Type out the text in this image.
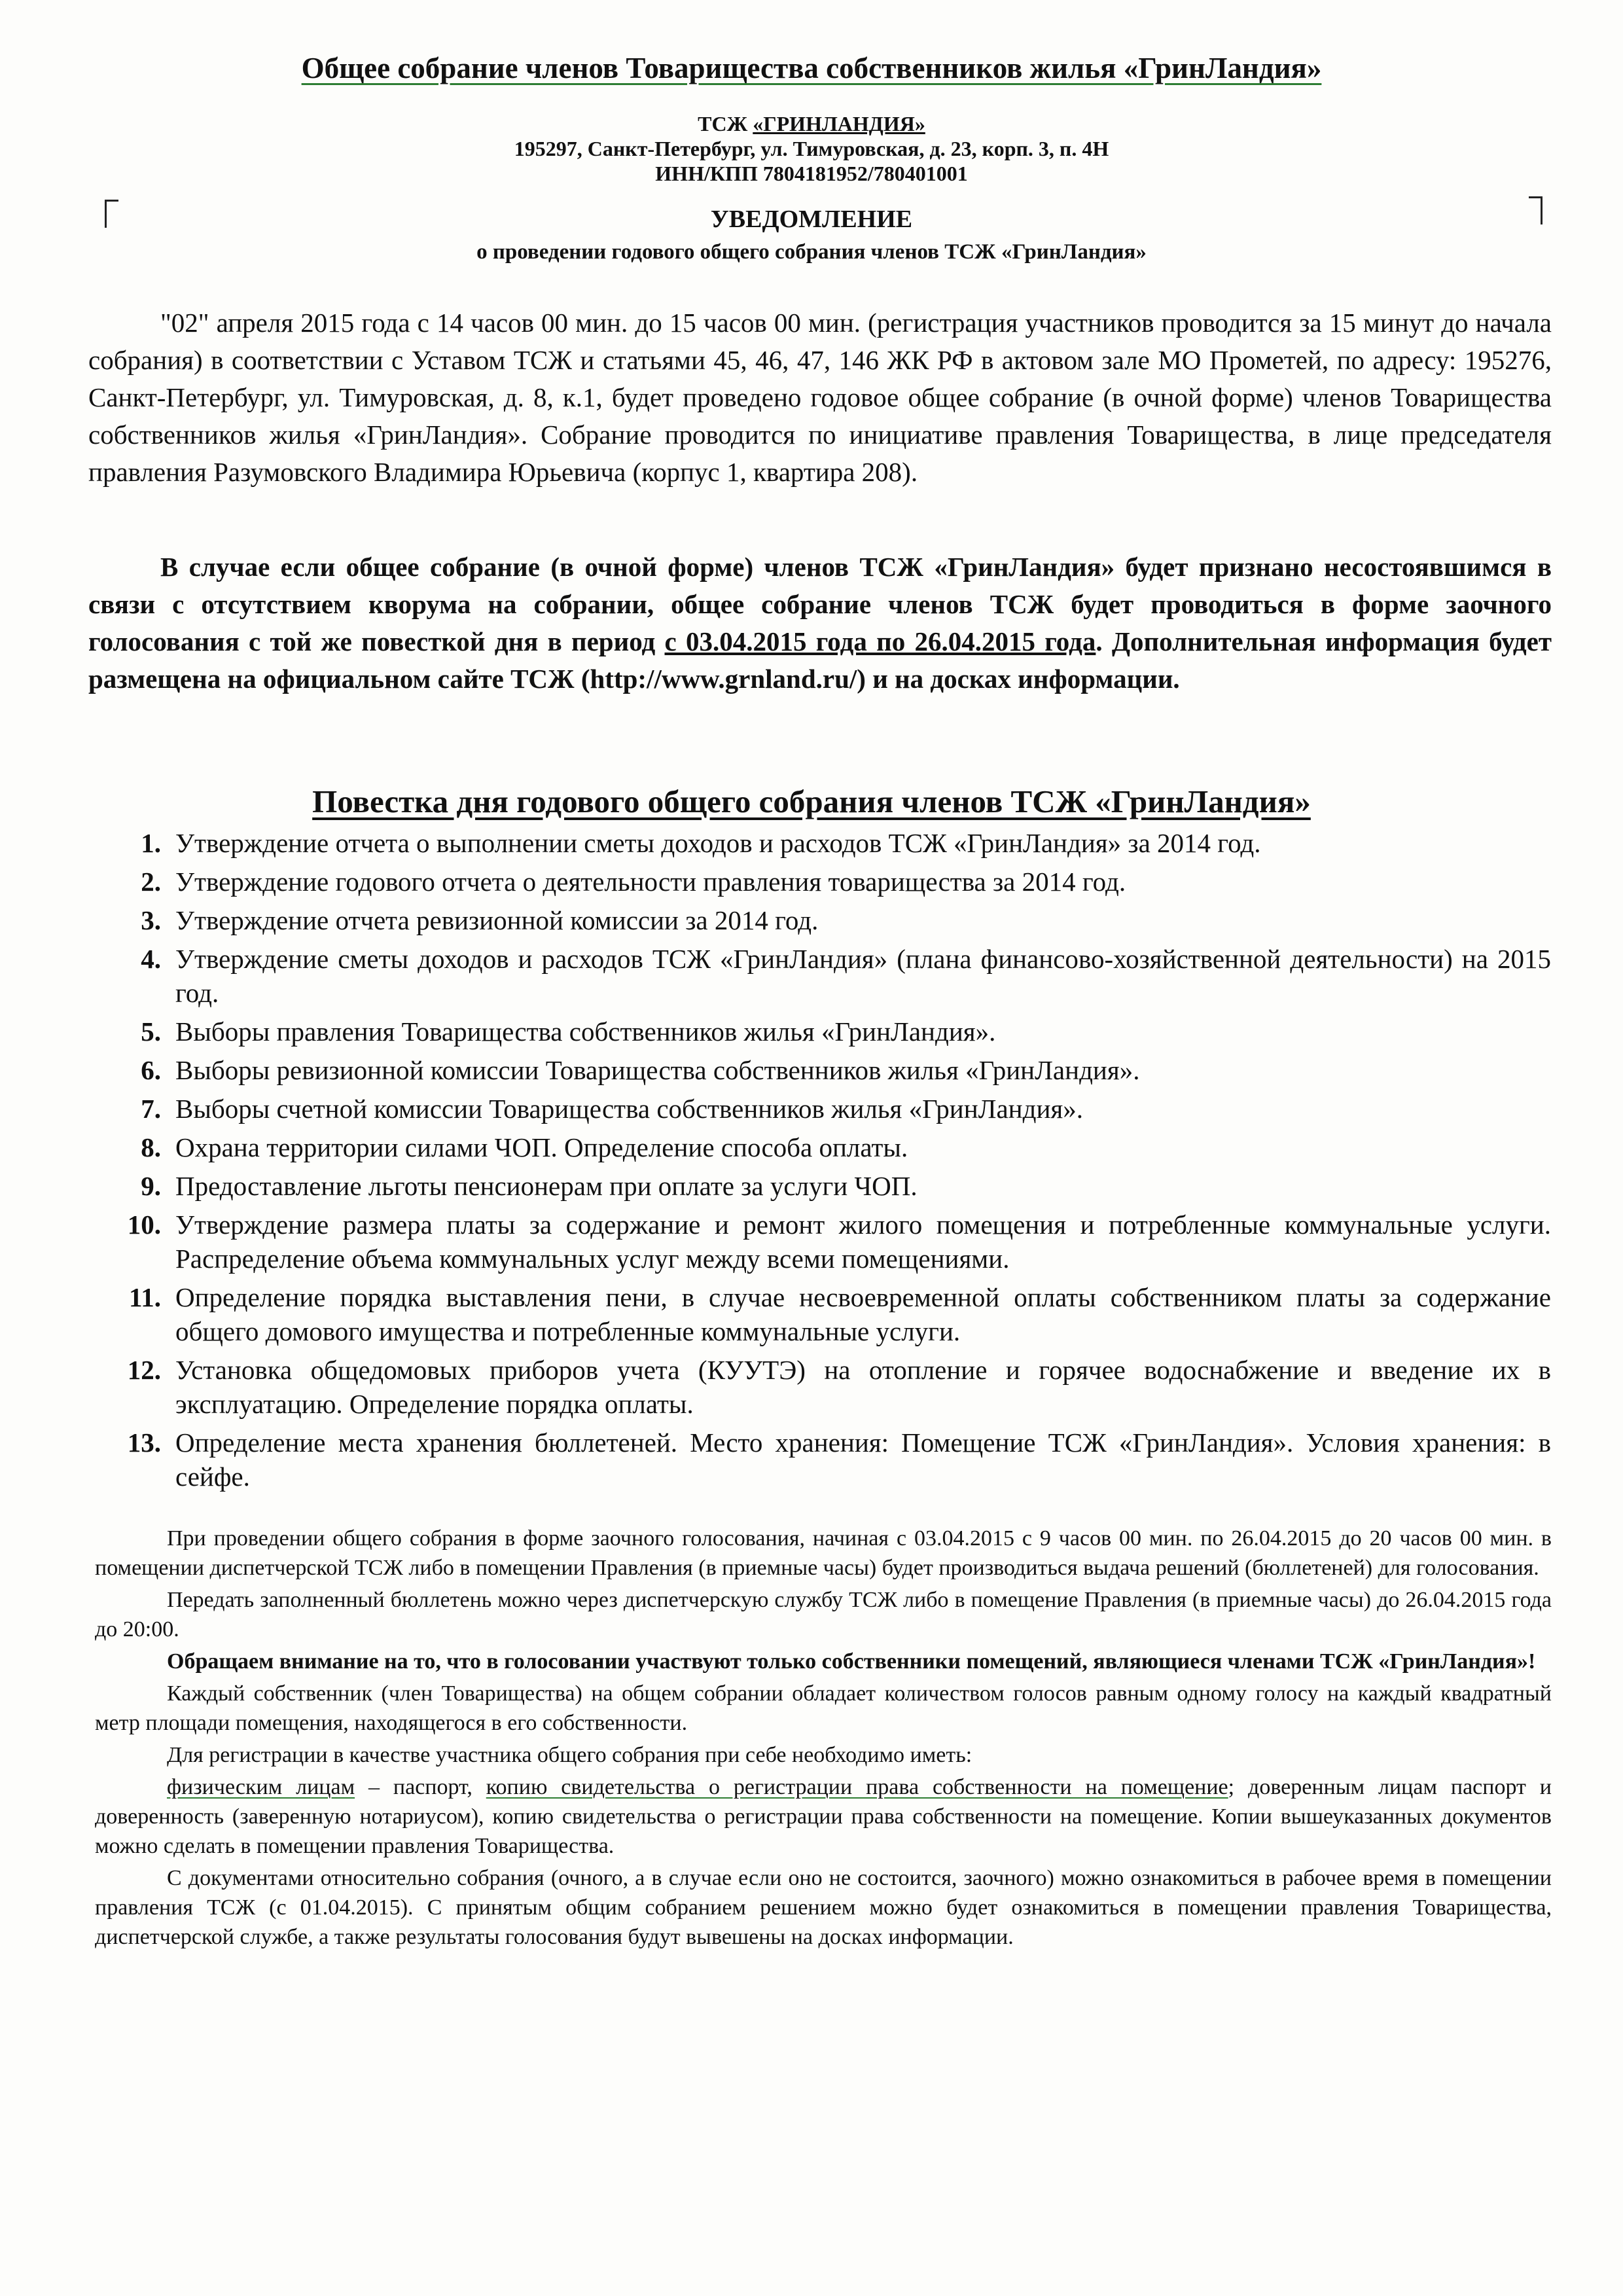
Общее собрание членов Товарищества собственников жилья «ГринЛандия»
ТСЖ «ГРИНЛАНДИЯ»
195297, Санкт-Петербург, ул. Тимуровская, д. 23, корп. 3, п. 4Н
ИНН/КПП 7804181952/780401001
УВЕДОМЛЕНИЕ
о проведении годового общего собрания членов ТСЖ «ГринЛандия»
"02" апреля 2015 года с 14 часов 00 мин. до 15 часов 00 мин. (регистрация участников проводится за 15 минут до начала собрания) в соответствии с Уставом ТСЖ и статьями 45, 46, 47, 146 ЖК РФ в актовом зале МО Прометей, по адресу: 195276, Санкт-Петербург, ул. Тимуровская, д. 8, к.1, будет проведено годовое общее собрание (в очной форме) членов Товарищества собственников жилья «ГринЛандия». Собрание проводится по инициативе правления Товарищества, в лице председателя правления Разумовского Владимира Юрьевича (корпус 1, квартира 208).
В случае если общее собрание (в очной форме) членов ТСЖ «ГринЛандия» будет признано несостоявшимся в связи с отсутствием кворума на собрании, общее собрание членов ТСЖ будет проводиться в форме заочного голосования с той же повесткой дня в период с 03.04.2015 года по 26.04.2015 года. Дополнительная информация будет размещена на официальном сайте ТСЖ (http://www.grnland.ru/) и на досках информации.
Повестка дня годового общего собрания членов ТСЖ «ГринЛандия»
1. Утверждение отчета о выполнении сметы доходов и расходов ТСЖ «ГринЛандия» за 2014 год.
2. Утверждение годового отчета о деятельности правления товарищества за 2014 год.
3. Утверждение отчета ревизионной комиссии за 2014 год.
4. Утверждение сметы доходов и расходов ТСЖ «ГринЛандия» (плана финансово-хозяйственной деятельности) на 2015 год.
5. Выборы правления Товарищества собственников жилья «ГринЛандия».
6. Выборы ревизионной комиссии Товарищества собственников жилья «ГринЛандия».
7. Выборы счетной комиссии Товарищества собственников жилья «ГринЛандия».
8. Охрана территории силами ЧОП. Определение способа оплаты.
9. Предоставление льготы пенсионерам при оплате за услуги ЧОП.
10. Утверждение размера платы за содержание и ремонт жилого помещения и потребленные коммунальные услуги. Распределение объема коммунальных услуг между всеми помещениями.
11. Определение порядка выставления пени, в случае несвоевременной оплаты собственником платы за содержание общего домового имущества и потребленные коммунальные услуги.
12. Установка общедомовых приборов учета (КУУТЭ) на отопление и горячее водоснабжение и введение их в эксплуатацию. Определение порядка оплаты.
13. Определение места хранения бюллетеней. Место хранения: Помещение ТСЖ «ГринЛандия». Условия хранения: в сейфе.

При проведении общего собрания в форме заочного голосования, начиная с 03.04.2015 с 9 часов 00 мин. по 26.04.2015 до 20 часов 00 мин. в помещении диспетчерской ТСЖ либо в помещении Правления (в приемные часы) будет производиться выдача решений (бюллетеней) для голосования.

Передать заполненный бюллетень можно через диспетчерскую службу ТСЖ либо в помещение Правления (в приемные часы) до 26.04.2015 года до 20:00.

Обращаем внимание на то, что в голосовании участвуют только собственники помещений, являющиеся членами ТСЖ «ГринЛандия»!

Каждый собственник (член Товарищества) на общем собрании обладает количеством голосов равным одному голосу на каждый квадратный метр площади помещения, находящегося в его собственности.

Для регистрации в качестве участника общего собрания при себе необходимо иметь:

физическим лицам – паспорт, копию свидетельства о регистрации права собственности на помещение; доверенным лицам паспорт и доверенность (заверенную нотариусом), копию свидетельства о регистрации права собственности на помещение. Копии вышеуказанных документов можно сделать в помещении правления Товарищества.

С документами относительно собрания (очного, а в случае если оно не состоится, заочного) можно ознакомиться в рабочее время в помещении правления ТСЖ (с 01.04.2015). С принятым общим собранием решением можно будет ознакомиться в помещении правления Товарищества, диспетчерской службе, а также результаты голосования будут вывешены на досках информации.
